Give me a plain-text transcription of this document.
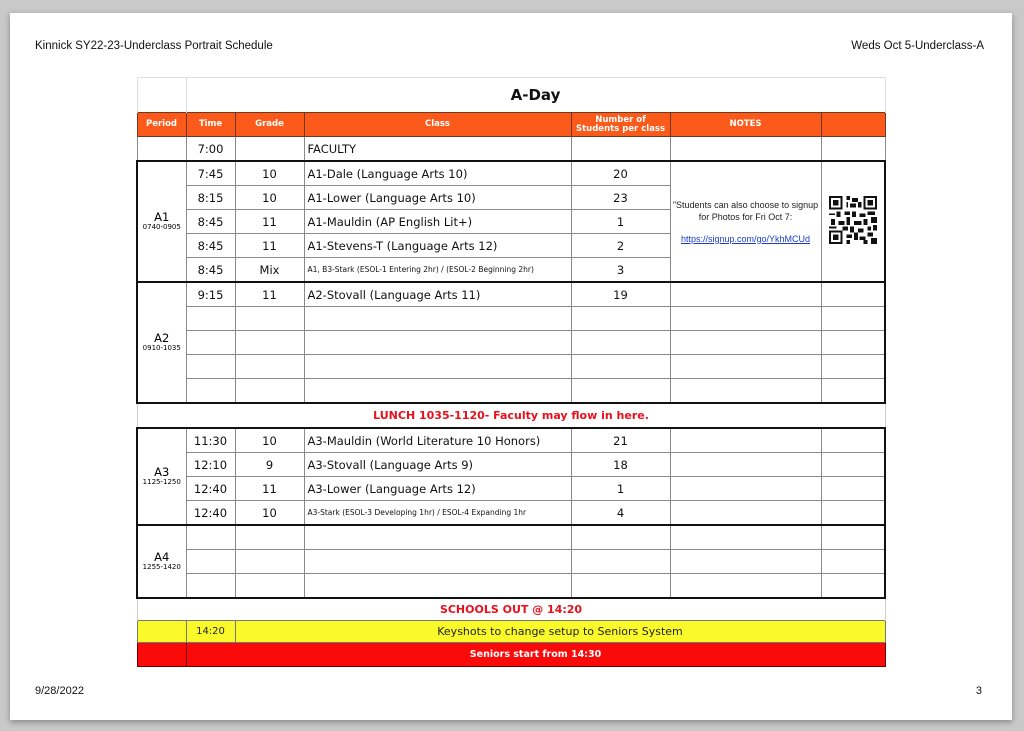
Kinnick SY22-23-Underclass Portrait Schedule	Weds Oct 5-Underclass-A
	A-Day					
Period	Time	Grade	Class	Number of
Students per class	NOTES	
	7:00		FACULTY			

A1
0740-0905	7:45	10	A1-Dale (Language Arts 10)	20	"Students can also choose to signup for Photos for Fri Oct 7:
https://signup.com/go/YkhMCUd

	8:15	10	A1-Lower (Language Arts 10)	23		
	8:45	11	A1-Mauldin (AP English Lit+)	1		
	8:45	11	A1-Stevens-T (Language Arts 12)	2		
	8:45	Mix	A1, B3-Stark (ESOL-1 Entering 2hr) / (ESOL-2 Beginning 2hr)	3		

A2
0910-1035	9:15	11	A2-Stovall (Language Arts 11)	19		

LUNCH 1035-1120- Faculty may flow in here.						

A3
1125-1250	11:30	10	A3-Mauldin (World Literature 10 Honors)	21		
	12:10	9	A3-Stovall (Language Arts 9)	18		
	12:40	11	A3-Lower (Language Arts 12)	1		
	12:40	10	A3-Stark (ESOL-3 Developing 1hr) / ESOL-4 Expanding 1hr	4		

A4
1255-1420						

SCHOOLS OUT @ 14:20						
	14:20	Keyshots to change setup to Seniors System				
	Seniors start from 14:30					
9/28/2022	3
